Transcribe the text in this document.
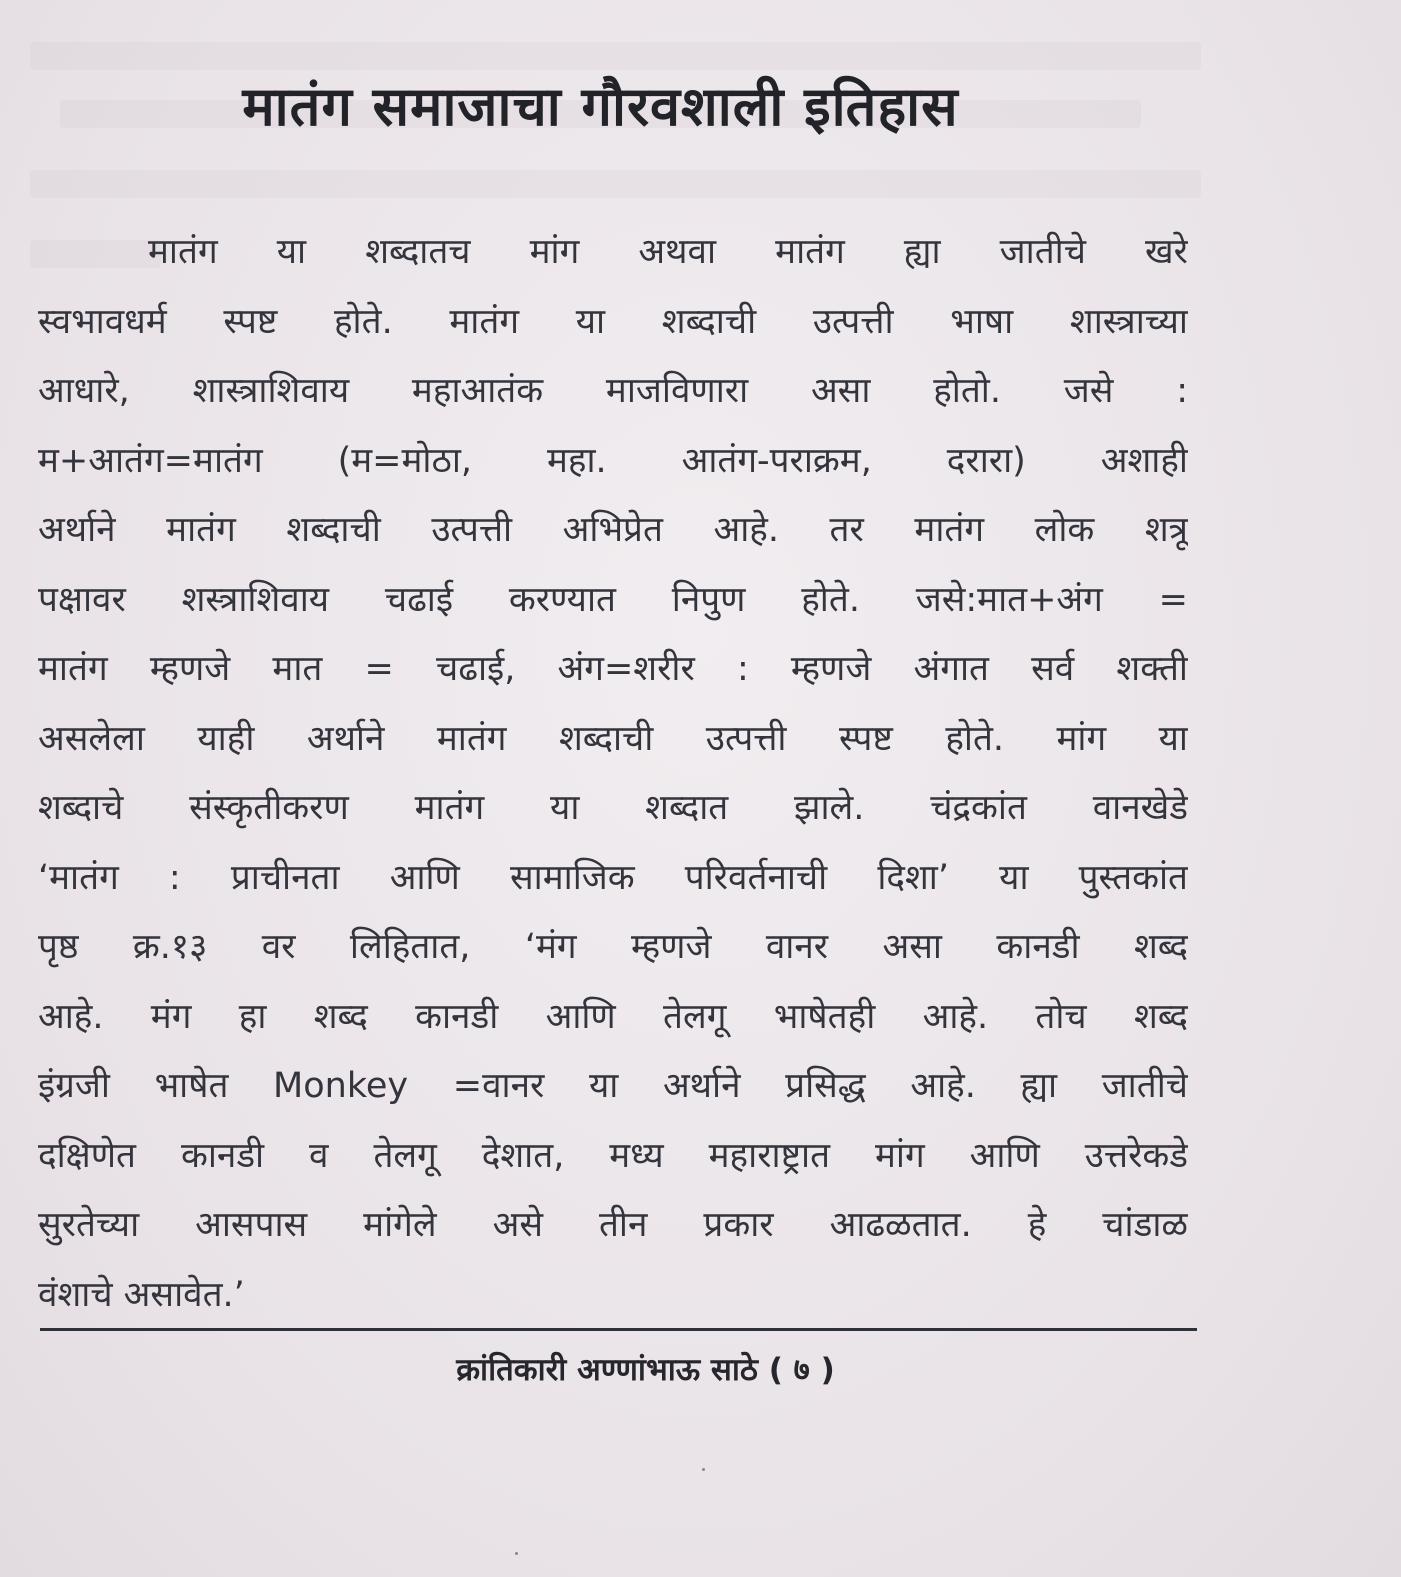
मातंग समाजाचा गौरवशाली इतिहास
मातंग या शब्दातच मांग अथवा मातंग ह्या जातीचे खरे
स्वभावधर्म स्पष्ट होते. मातंग या शब्दाची उत्पत्ती भाषा शास्त्राच्या
आधारे, शास्त्राशिवाय महाआतंक माजविणारा असा होतो. जसे :
म+आतंग=मातंग (म=मोठा, महा. आतंग-पराक्रम, दरारा) अशाही
अर्थाने मातंग शब्दाची उत्पत्ती अभिप्रेत आहे. तर मातंग लोक शत्रू
पक्षावर शस्त्राशिवाय चढाई करण्यात निपुण होते. जसे:मात+अंग =
मातंग म्हणजे मात = चढाई, अंग=शरीर : म्हणजे अंगात सर्व शक्ती
असलेला याही अर्थाने मातंग शब्दाची उत्पत्ती स्पष्ट होते. मांग या
शब्दाचे संस्कृतीकरण मातंग या शब्दात झाले. चंद्रकांत वानखेडे
‘मातंग : प्राचीनता आणि सामाजिक परिवर्तनाची दिशा’ या पुस्तकांत
पृष्ठ क्र.१३ वर लिहितात, ‘मंग म्हणजे वानर असा कानडी शब्द
आहे. मंग हा शब्द कानडी आणि तेलगू भाषेतही आहे. तोच शब्द
इंग्रजी भाषेत Monkey =वानर या अर्थाने प्रसिद्ध आहे. ह्या जातीचे
दक्षिणेत कानडी व तेलगू देशात, मध्य महाराष्ट्रात मांग आणि उत्तरेकडे
सुरतेच्या आसपास मांगेले असे तीन प्रकार आढळतात. हे चांडाळ
वंशाचे असावेत.’
क्रांतिकारी अण्णांभाऊ साठे ( ७ )
